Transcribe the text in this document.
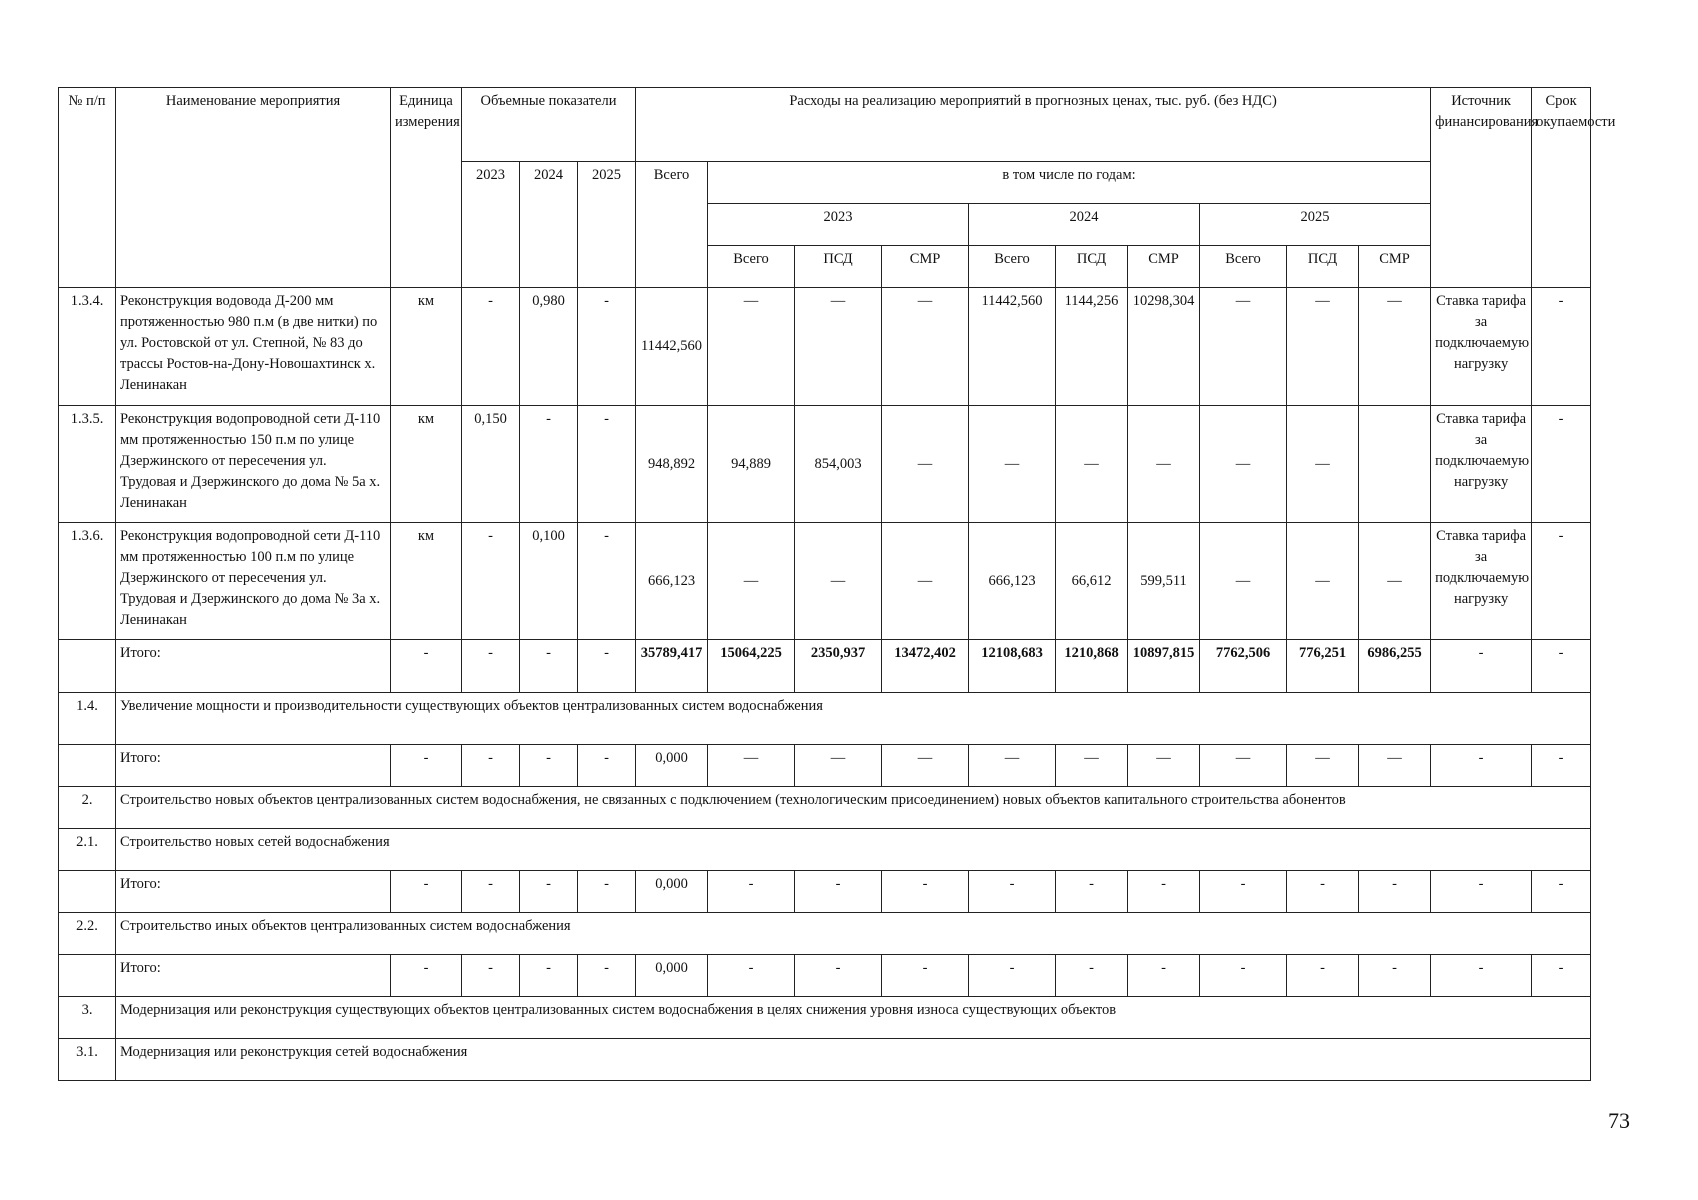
№ п/п	Наименование мероприятия	Единица измерения	Объемные показатели			Расходы на реализацию мероприятий в прогнозных ценах, тыс. руб. (без НДС)										Источник финансирования	Срок окупаемости
			2023	2024	2025	Всего	в том числе по годам:										
							2023			2024			2025				
							Всего	ПСД	СМР	Всего	ПСД	СМР	Всего	ПСД	СМР		
1.3.4.	Реконструкция водовода Д-200 мм протяженностью 980 п.м (в две нитки) по ул. Ростовской от ул. Степной, № 83 до трассы Ростов-на-Дону-Новошахтинск х. Ленинакан	км	-	0,980	-	11442,560	—	—	—	11442,560	1144,256	10298,304	—	—	—	Ставка тарифа за подключаемую нагрузку	-
1.3.5.	Реконструкция водопроводной сети Д-110 мм протяженностью 150 п.м по улице Дзержинского от пересечения ул. Трудовая и Дзержинского до дома № 5а х. Ленинакан	км	0,150	-	-	948,892	94,889	854,003	—	—	—	—	—	—		Ставка тарифа за подключаемую нагрузку	-
1.3.6.	Реконструкция водопроводной сети Д-110 мм протяженностью 100 п.м по улице Дзержинского от пересечения ул. Трудовая и Дзержинского до дома № 3а х. Ленинакан	км	-	0,100	-	666,123	—	—	—	666,123	66,612	599,511	—	—	—	Ставка тарифа за подключаемую нагрузку	-
	Итого:	-	-	-	-	35789,417	15064,225	2350,937	13472,402	12108,683	1210,868	10897,815	7762,506	776,251	6986,255	-	-
1.4.	Увеличение мощности и производительности существующих объектов централизованных систем водоснабжения																
	Итого:	-	-	-	-	0,000	—	—	—	—	—	—	—	—	—	-	-
2.	Строительство новых объектов централизованных систем водоснабжения, не связанных с подключением (технологическим присоединением) новых объектов капитального строительства абонентов																
2.1.	Строительство новых сетей водоснабжения																
	Итого:	-	-	-	-	0,000	-	-	-	-	-	-	-	-	-	-	-
2.2.	Строительство иных объектов централизованных систем водоснабжения																
	Итого:	-	-	-	-	0,000	-	-	-	-	-	-	-	-	-	-	-
3.	Модернизация или реконструкция существующих объектов централизованных систем водоснабжения в целях снижения уровня износа существующих объектов																
3.1.	Модернизация или реконструкция сетей водоснабжения																
73
